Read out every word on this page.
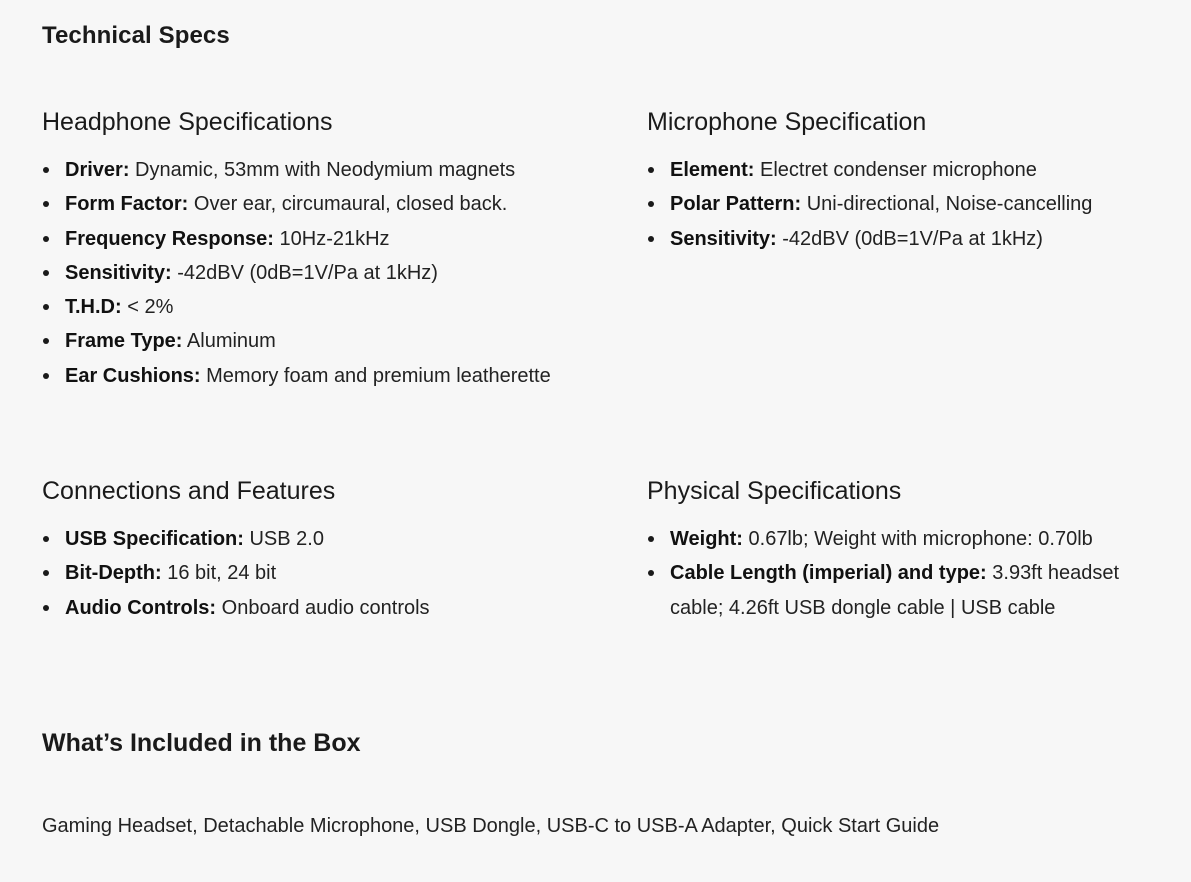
Technical Specs
Headphone Specifications
Driver: Dynamic, 53mm with Neodymium magnets
Form Factor: Over ear, circumaural, closed back.
Frequency Response: 10Hz-21kHz
Sensitivity: -42dBV (0dB=1V/Pa at 1kHz)
T.H.D: < 2%
Frame Type: Aluminum
Ear Cushions: Memory foam and premium leatherette
Microphone Specification
Element: Electret condenser microphone
Polar Pattern: Uni-directional, Noise-cancelling
Sensitivity: -42dBV (0dB=1V/Pa at 1kHz)
Connections and Features
USB Specification: USB 2.0
Bit-Depth: 16 bit, 24 bit
Audio Controls: Onboard audio controls
Physical Specifications
Weight: 0.67lb; Weight with microphone: 0.70lb
Cable Length (imperial) and type: 3.93ft headset cable; 4.26ft USB dongle cable | USB cable
What’s Included in the Box

Gaming Headset, Detachable Microphone, USB Dongle, USB-C to USB-A Adapter, Quick Start Guide
